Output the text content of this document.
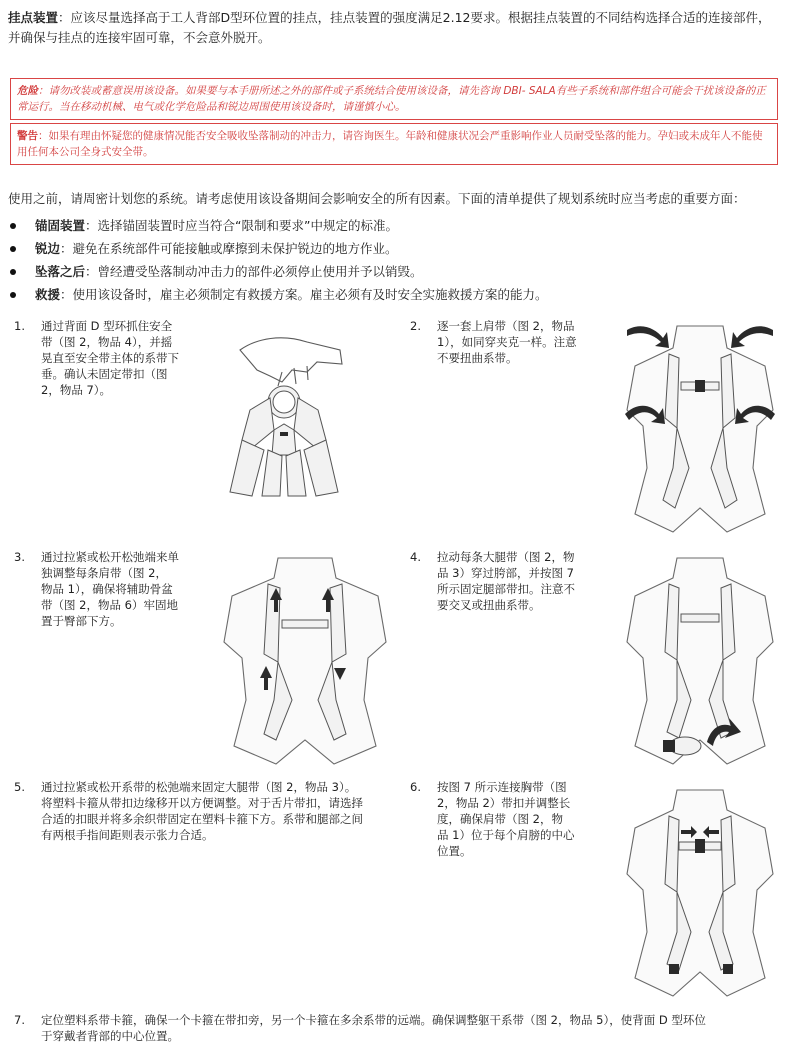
挂点装置：应该尽量选择高于工人背部D型环位置的挂点，挂点装置的强度满足2.12要求。根据挂点装置的不同结构选择合适的连接部件，并确保与挂点的连接牢固可靠，不会意外脱开。
危险：请勿改装或蓄意误用该设备。如果要与本手册所述之外的部件或子系统结合使用该设备，请先咨询 DBI- SALA有些子系统和部件组合可能会干扰该设备的正常运行。当在移动机械、电气或化学危险品和锐边周围使用该设备时，请谨慎小心。
警告：如果有理由怀疑您的健康情况能否安全吸收坠落制动的冲击力，请咨询医生。年龄和健康状况会严重影响作业人员耐受坠落的能力。孕妇或未成年人不能使用任何本公司全身式安全带。
使用之前，请周密计划您的系统。请考虑使用该设备期间会影响安全的所有因素。下面的清单提供了规划系统时应当考虑的重要方面：
锚固装置：选择锚固装置时应当符合“限制和要求”中规定的标准。
锐边：避免在系统部件可能接触或摩擦到未保护锐边的地方作业。
坠落之后：曾经遭受坠落制动冲击力的部件必须停止使用并予以销毁。
救援：使用该设备时，雇主必须制定有救援方案。雇主必须有及时安全实施救援方案的能力。
1. 通过背面 D 型环抓住安全
带（图 2，物品 4），并摇
晃直至安全带主体的系带下
垂。确认未固定带扣（图
2，物品 7）。
2. 逐一套上肩带（图 2，物品
1），如同穿夹克一样。注意
不要扭曲系带。
3. 通过拉紧或松开松弛端来单
独调整每条肩带（图 2，
物品 1），确保将辅助骨盆
带（图 2，物品 6）牢固地
置于臀部下方。
4. 拉动每条大腿带（图 2，物
品 3）穿过胯部，并按图 7
所示固定腿部带扣。注意不
要交叉或扭曲系带。
5. 通过拉紧或松开系带的松弛端来固定大腿带（图 2，物品 3）。
将塑料卡箍从带扣边缘移开以方便调整。对于舌片带扣，请选择
合适的扣眼并将多余织带固定在塑料卡箍下方。系带和腿部之间
有两根手指间距则表示张力合适。
6. 按图 7 所示连接胸带（图
2，物品 2）带扣并调整长
度，确保肩带（图 2，物
品 1）位于每个肩膀的中心
位置。
7. 定位塑料系带卡箍，确保一个卡箍在带扣旁，另一个卡箍在多余系带的远端。确保调整躯干系带（图 2，物品 5），使背面 D 型环位
于穿戴者背部的中心位置。
